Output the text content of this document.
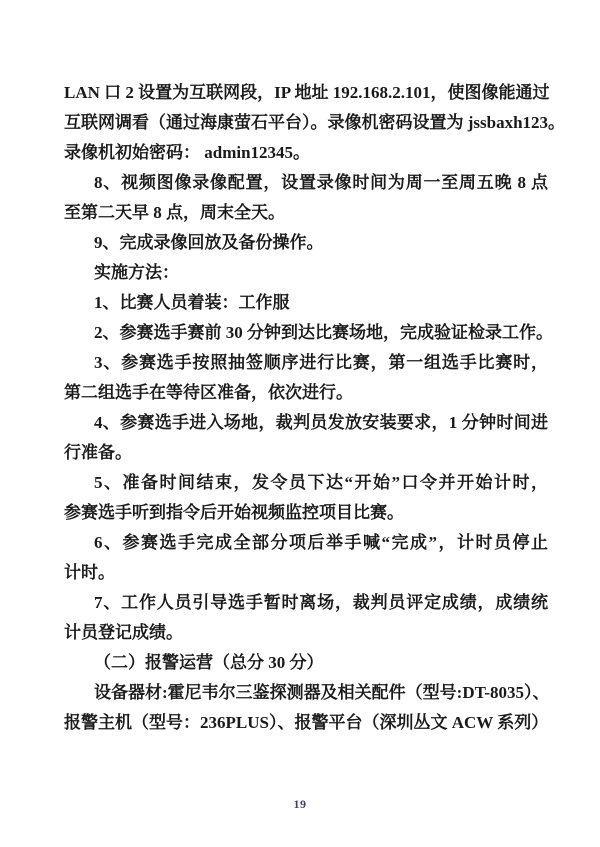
LAN 口 2 设置为互联网段，IP 地址 192.168.2.101，使图像能通过
互联网调看（通过海康萤石平台）。录像机密码设置为 jssbaxh123。
录像机初始密码： admin12345。
8、视频图像录像配置，设置录像时间为周一至周五晚 8 点
至第二天早 8 点，周末全天。
9、完成录像回放及备份操作。
实施方法：
1、比赛人员着装：工作服
2、参赛选手赛前 30 分钟到达比赛场地，完成验证检录工作。
3、参赛选手按照抽签顺序进行比赛，第一组选手比赛时，
第二组选手在等待区准备，依次进行。
4、参赛选手进入场地，裁判员发放安装要求，1 分钟时间进
行准备。
5、准备时间结束，发令员下达“开始”口令并开始计时，
参赛选手听到指令后开始视频监控项目比赛。
6、参赛选手完成全部分项后举手喊“完成”，计时员停止
计时。
7、工作人员引导选手暂时离场，裁判员评定成绩，成绩统
计员登记成绩。
（二）报警运营（总分 30 分）
设备器材:霍尼韦尔三鉴探测器及相关配件（型号:DT-8035）、
报警主机（型号：236PLUS）、报警平台（深圳丛文 ACW 系列）
19
